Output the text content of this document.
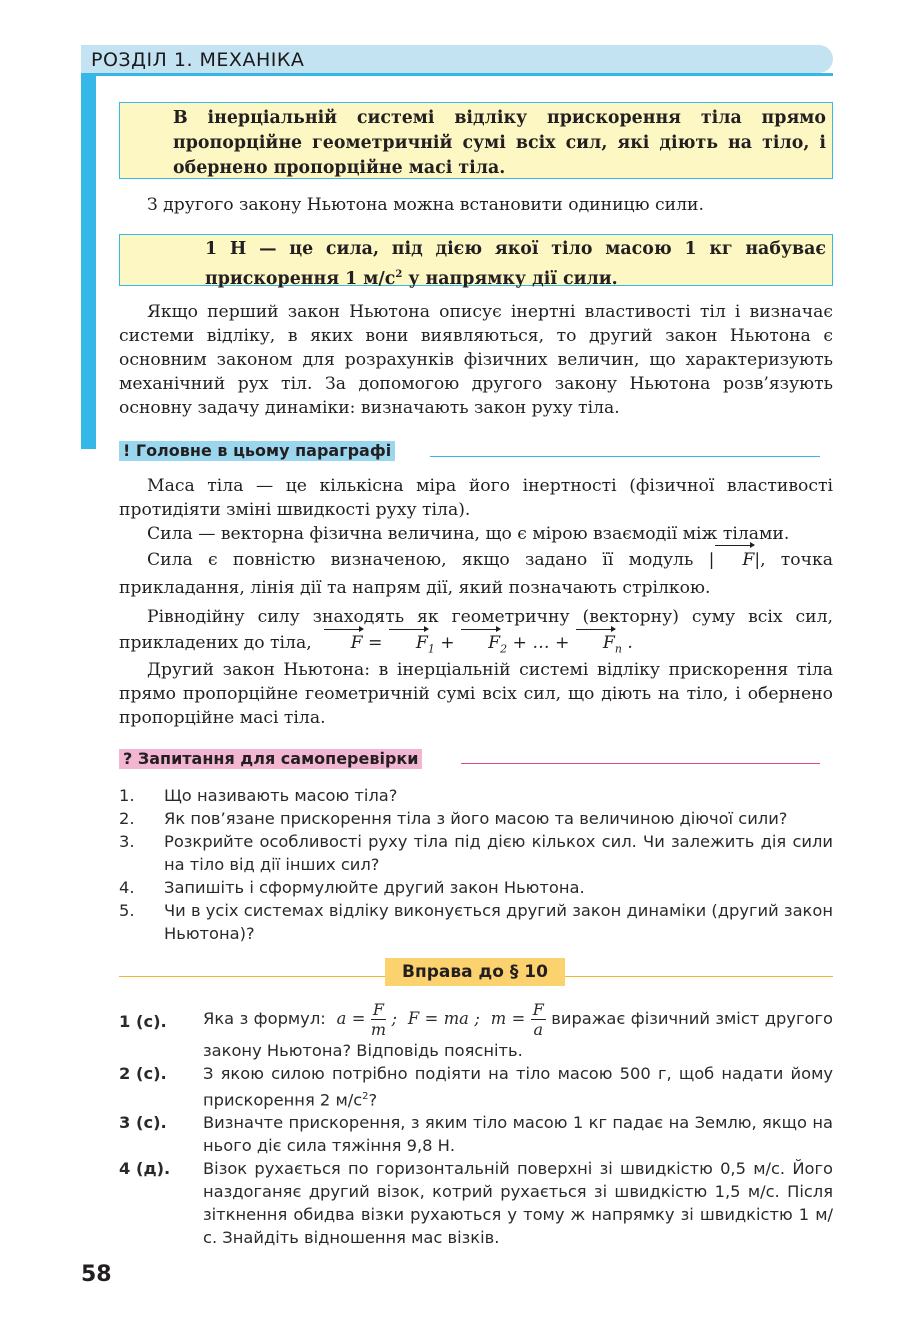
РОЗДІЛ 1. МЕХАНІКА
В інерціальній системі відліку прискорення тіла прямо пропорційне геометричній сумі всіх сил, які діють на тіло, і обернено пропорційне масі тіла.
З другого закону Ньютона можна встановити одиницю сили.
1 Н — це сила, під дією якої тіло масою 1 кг набуває прискорення 1 $м/с^2$ у напрямку дії сили.
Якщо перший закон Ньютона описує інертні властивості тіл і визначає системи відліку, в яких вони виявляються, то другий закон Ньютона є основним законом для розрахунків фізичних величин, що характеризують механічний рух тіл. За допомогою другого закону Ньютона розв’язують основну задачу динаміки: визначають закон руху тіла.
! Головне в цьому параграфі
Маса тіла — це кількісна міра його інертності (фізичної властивості протидіяти зміні швидкості руху тіла).
Сила — векторна фізична величина, що є мірою взаємодії між тілами.
Сила є повністю визначеною, якщо задано її модуль | F|, точка прикладання, лінія дії та напрям дії, який позначають стрілкою.
Рівнодійну силу знаходять як геометричну (векторну) суму всіх сил, прикладених до тіла, $F = F_1 + F_2$ + … + $F_n$ .
Другий закон Ньютона: в інерціальній системі відліку прискорення тіла прямо пропорційне геометричній сумі всіх сил, що діють на тіло, і обернено пропорційне масі тіла.
? Запитання для самоперевірки
1.	Що називають масою тіла?
2.	Як пов’язане прискорення тіла з його масою та величиною діючої сили?
3.	Розкрийте особливості руху тіла під дією кількох сил. Чи залежить дія сили на тіло від дії інших сил?
4.	Запишіть і сформулюйте другий закон Ньютона.
5.	Чи в усіх системах відліку виконується другий закон динаміки (другий закон Ньютона)?
Вправа до § 10
1 (с).	Яка з формул:  $a = \frac{F}{m}$ ;  F = ma ;  $m = \frac{F}{a}$ виражає фізичний зміст другого закону Ньютона? Відповідь поясніть.
2 (с).	З якою силою потрібно подіяти на тіло масою 500 г, щоб надати йому прискорення 2 $м/с^2$?
3 (с).	Визначте прискорення, з яким тіло масою 1 кг падає на Землю, якщо на нього діє сила тяжіння 9,8 Н.
4 (д).	Візок рухається по горизонтальній поверхні зі швидкістю 0,5 м/с. Його наздоганяє другий візок, котрий рухається зі швидкістю 1,5 м/с. Після зіткнення обидва візки рухаються у тому ж напрямку зі швидкістю 1 м/с. Знайдіть відношення мас візків.
58
